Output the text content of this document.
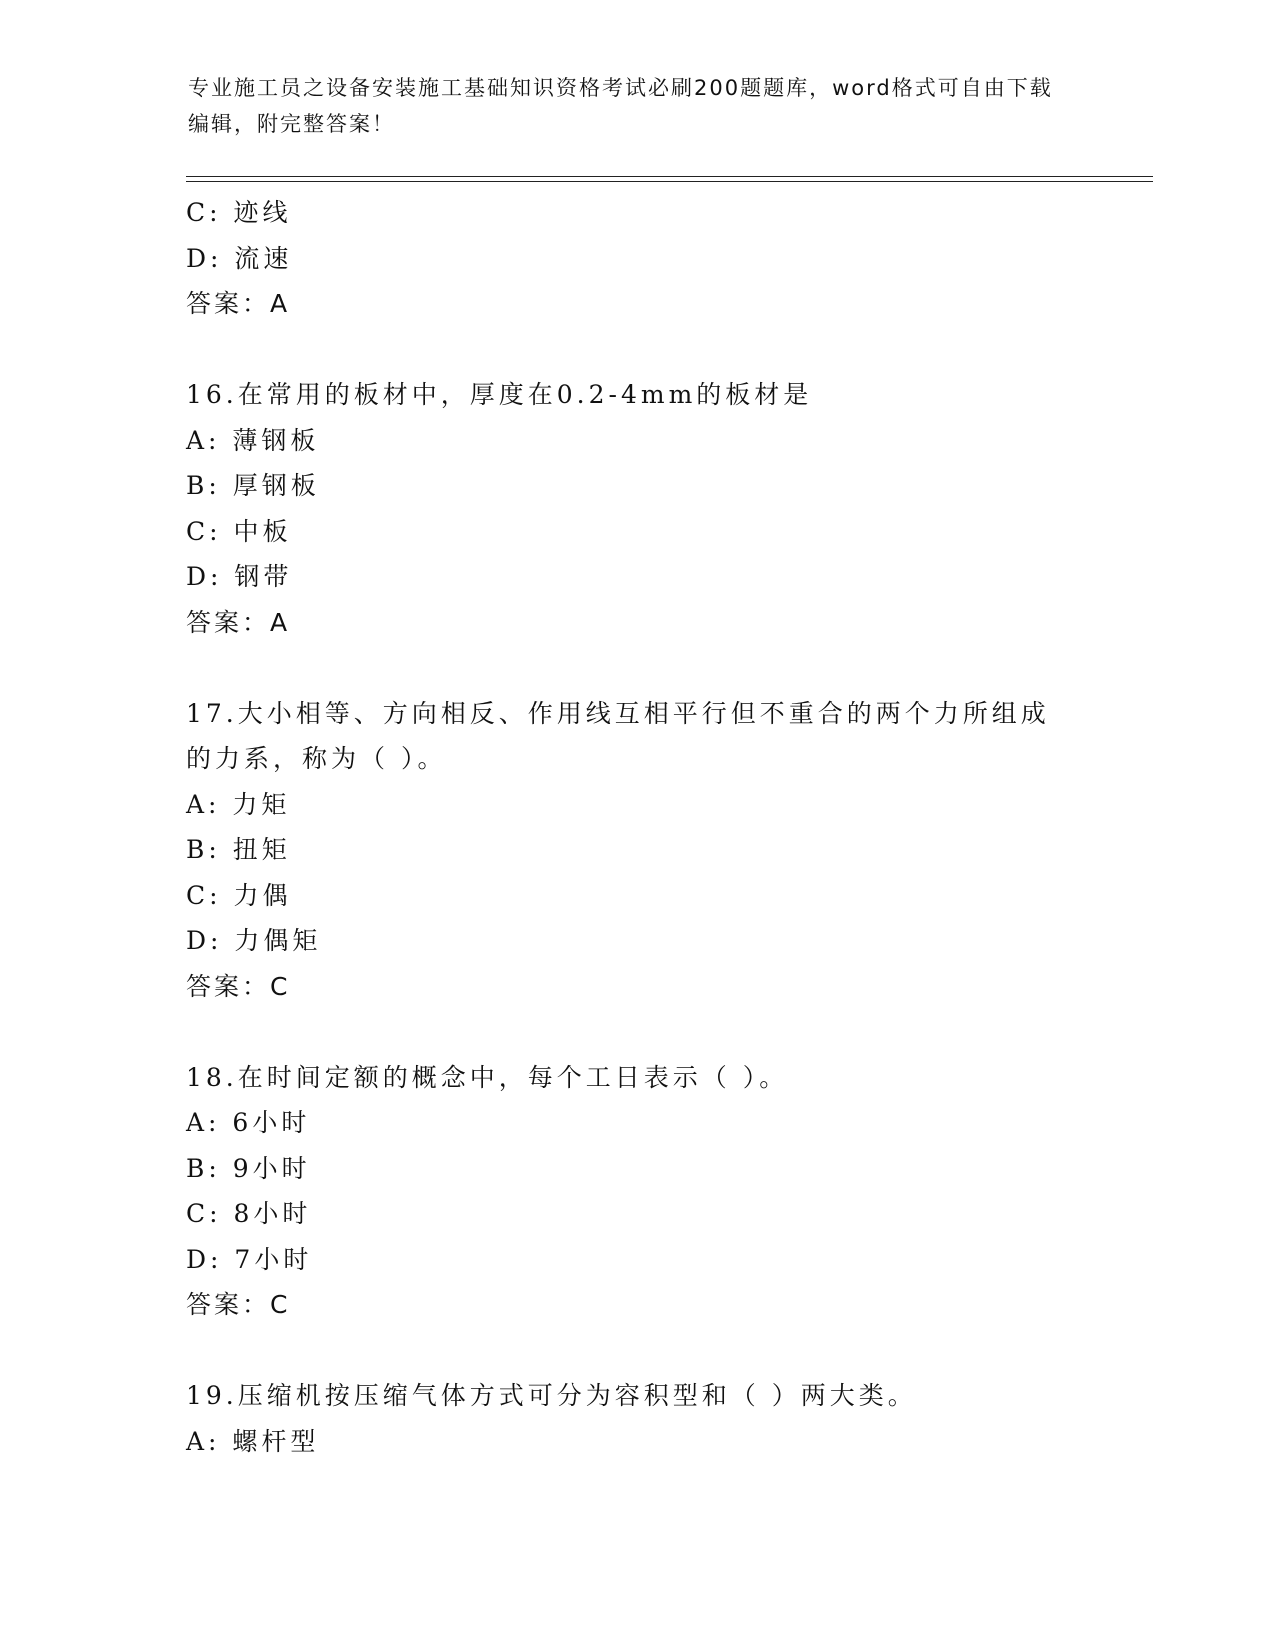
专业施工员之设备安装施工基础知识资格考试必刷200题题库，word格式可自由下载编辑，附完整答案！
C: 迹线
D: 流速
答案：A
16.在常用的板材中，厚度在0.2-4mm的板材是
A: 薄钢板
B: 厚钢板
C: 中板
D: 钢带
答案：A
17.大小相等、方向相反、作用线互相平行但不重合的两个力所组成的力系，称为（ ）。
A: 力矩
B: 扭矩
C: 力偶
D: 力偶矩
答案：C
18.在时间定额的概念中，每个工日表示（ ）。
A: 6小时
B: 9小时
C: 8小时
D: 7小时
答案：C
19.压缩机按压缩气体方式可分为容积型和（ ）两大类。
A: 螺杆型
